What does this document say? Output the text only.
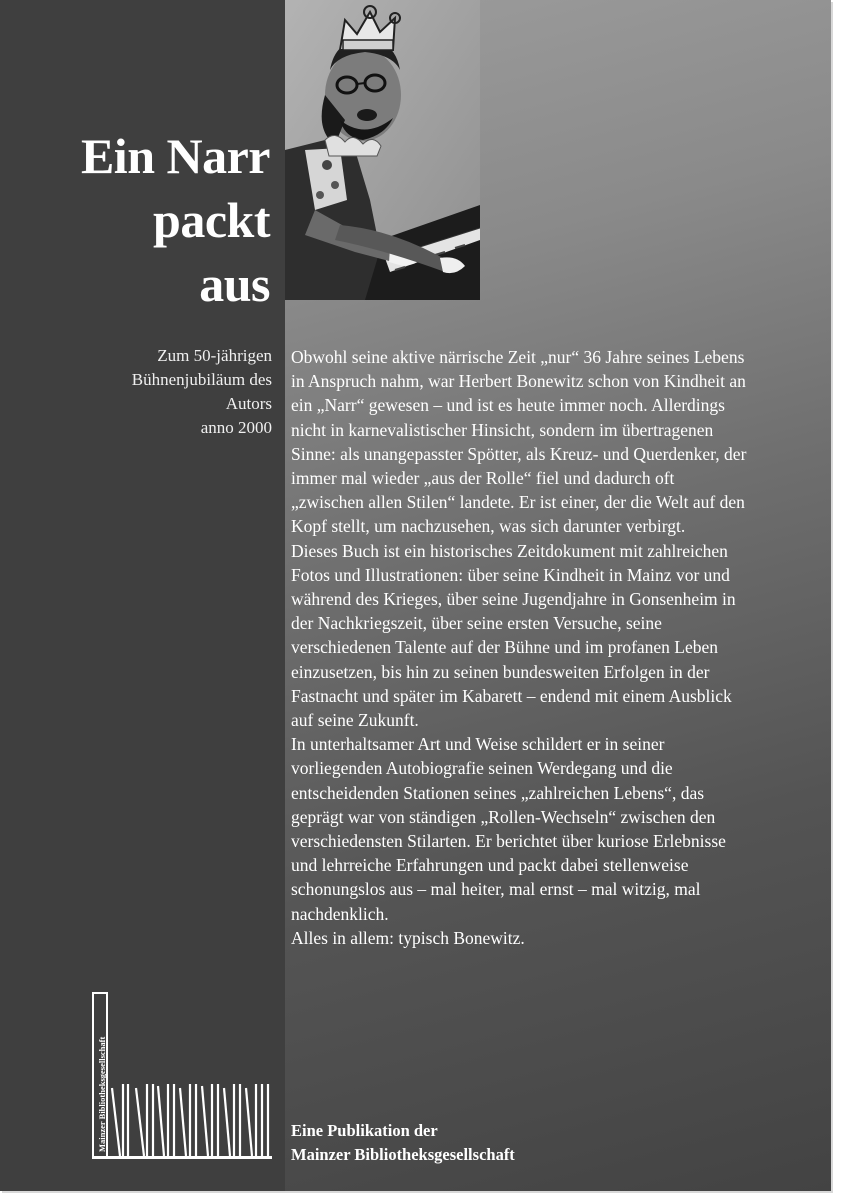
Ein Narr
packt
aus
Zum 50-jährigen
Bühnenjubiläum des
Autors
anno 2000

Obwohl seine aktive närrische Zeit „nur“ 36 Jahre seines Lebens in Anspruch nahm, war Herbert Bonewitz schon von Kindheit an ein „Narr“ gewesen – und ist es heute immer noch. Allerdings nicht in karnevalistischer Hinsicht, sondern im übertragenen Sinne: als unangepasster Spötter, als Kreuz- und Querdenker, der immer mal wieder „aus der Rolle“ fiel und dadurch oft „zwischen allen Stilen“ landete. Er ist einer, der die Welt auf den Kopf stellt, um nachzusehen, was sich darunter verbirgt.

Dieses Buch ist ein historisches Zeitdokument mit zahlreichen Fotos und Illustrationen: über seine Kindheit in Mainz vor und während des Krieges, über seine Jugendjahre in Gonsenheim in der Nachkriegszeit, über seine ersten Versuche, seine verschiedenen Talente auf der Bühne und im profanen Leben einzusetzen, bis hin zu seinen bundesweiten Erfolgen in der Fastnacht und später im Kabarett – endend mit einem Ausblick auf seine Zukunft.

In unterhaltsamer Art und Weise schildert er in seiner vorliegenden Autobiografie seinen Werdegang und die entscheidenden Stationen seines „zahlreichen Lebens“, das geprägt war von ständigen „Rollen-Wechseln“ zwischen den verschiedensten Stilarten. Er berichtet über kuriose Erlebnisse und lehrreiche Erfahrungen und packt dabei stellenweise schonungslos aus – mal heiter, mal ernst – mal witzig, mal nachdenklich.

Alles in allem: typisch Bonewitz.

Eine Publikation der
Mainzer Bibliotheksgesellschaft
Mainzer Bibliotheksgesellschaft
